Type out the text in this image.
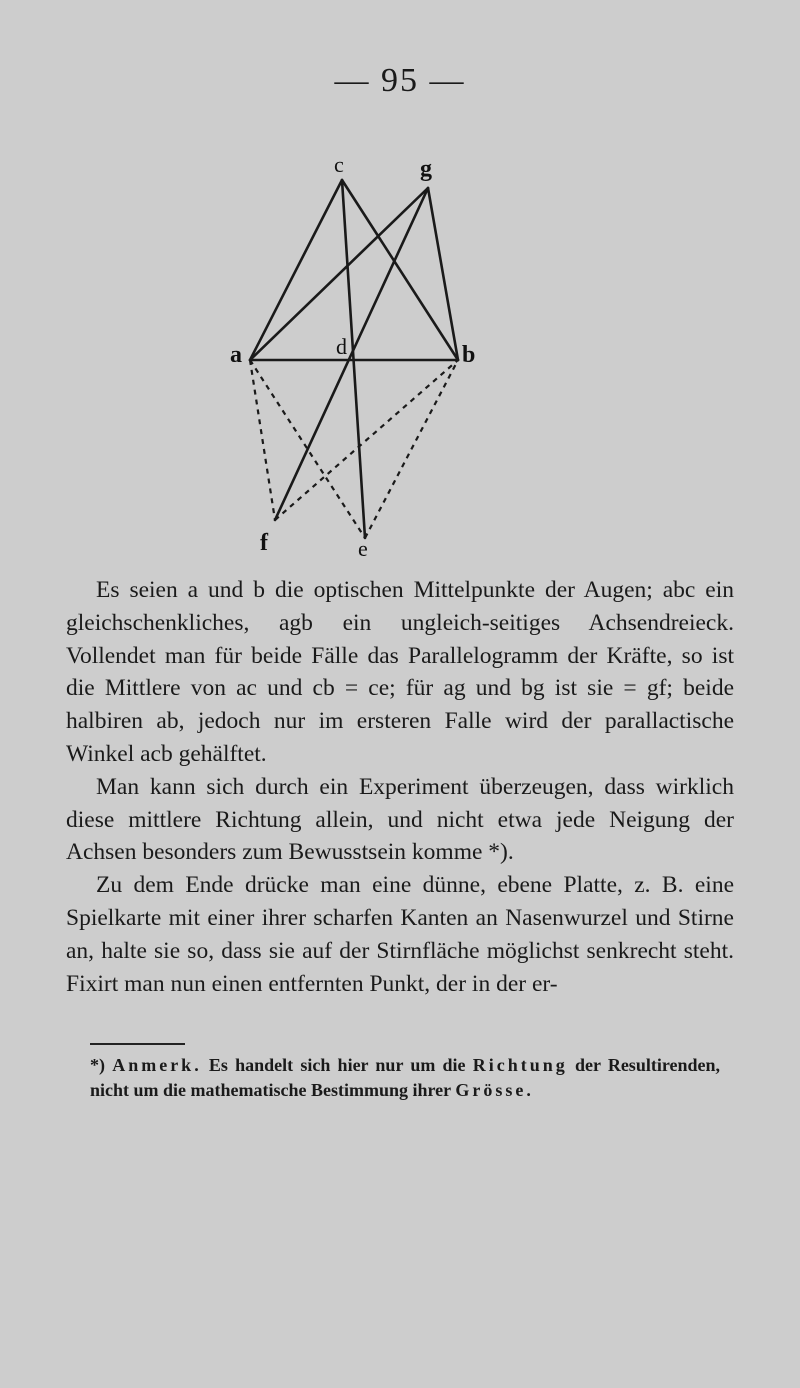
— 95 —
c	g
a	d	b
f	e

Es seien a und b die optischen Mittelpunkte der Augen; abc ein gleichschenkliches, agb ein ungleich-seitiges Achsendreieck. Vollendet man für beide Fälle das Parallelogramm der Kräfte, so ist die Mittlere von ac und cb = ce; für ag und bg ist sie = gf; beide halbiren ab, jedoch nur im ersteren Falle wird der parallactische Winkel acb gehälftet.

Man kann sich durch ein Experiment überzeugen, dass wirklich diese mittlere Richtung allein, und nicht etwa jede Neigung der Achsen besonders zum Bewusstsein komme *).

Zu dem Ende drücke man eine dünne, ebene Platte, z. B. eine Spielkarte mit einer ihrer scharfen Kanten an Nasenwurzel und Stirne an, halte sie so, dass sie auf der Stirnfläche möglichst senkrecht steht. Fixirt man nun einen entfernten Punkt, der in der er-

*) Anmerk. Es handelt sich hier nur um die Richtung der Resultirenden, nicht um die mathematische Bestimmung ihrer Grösse.
